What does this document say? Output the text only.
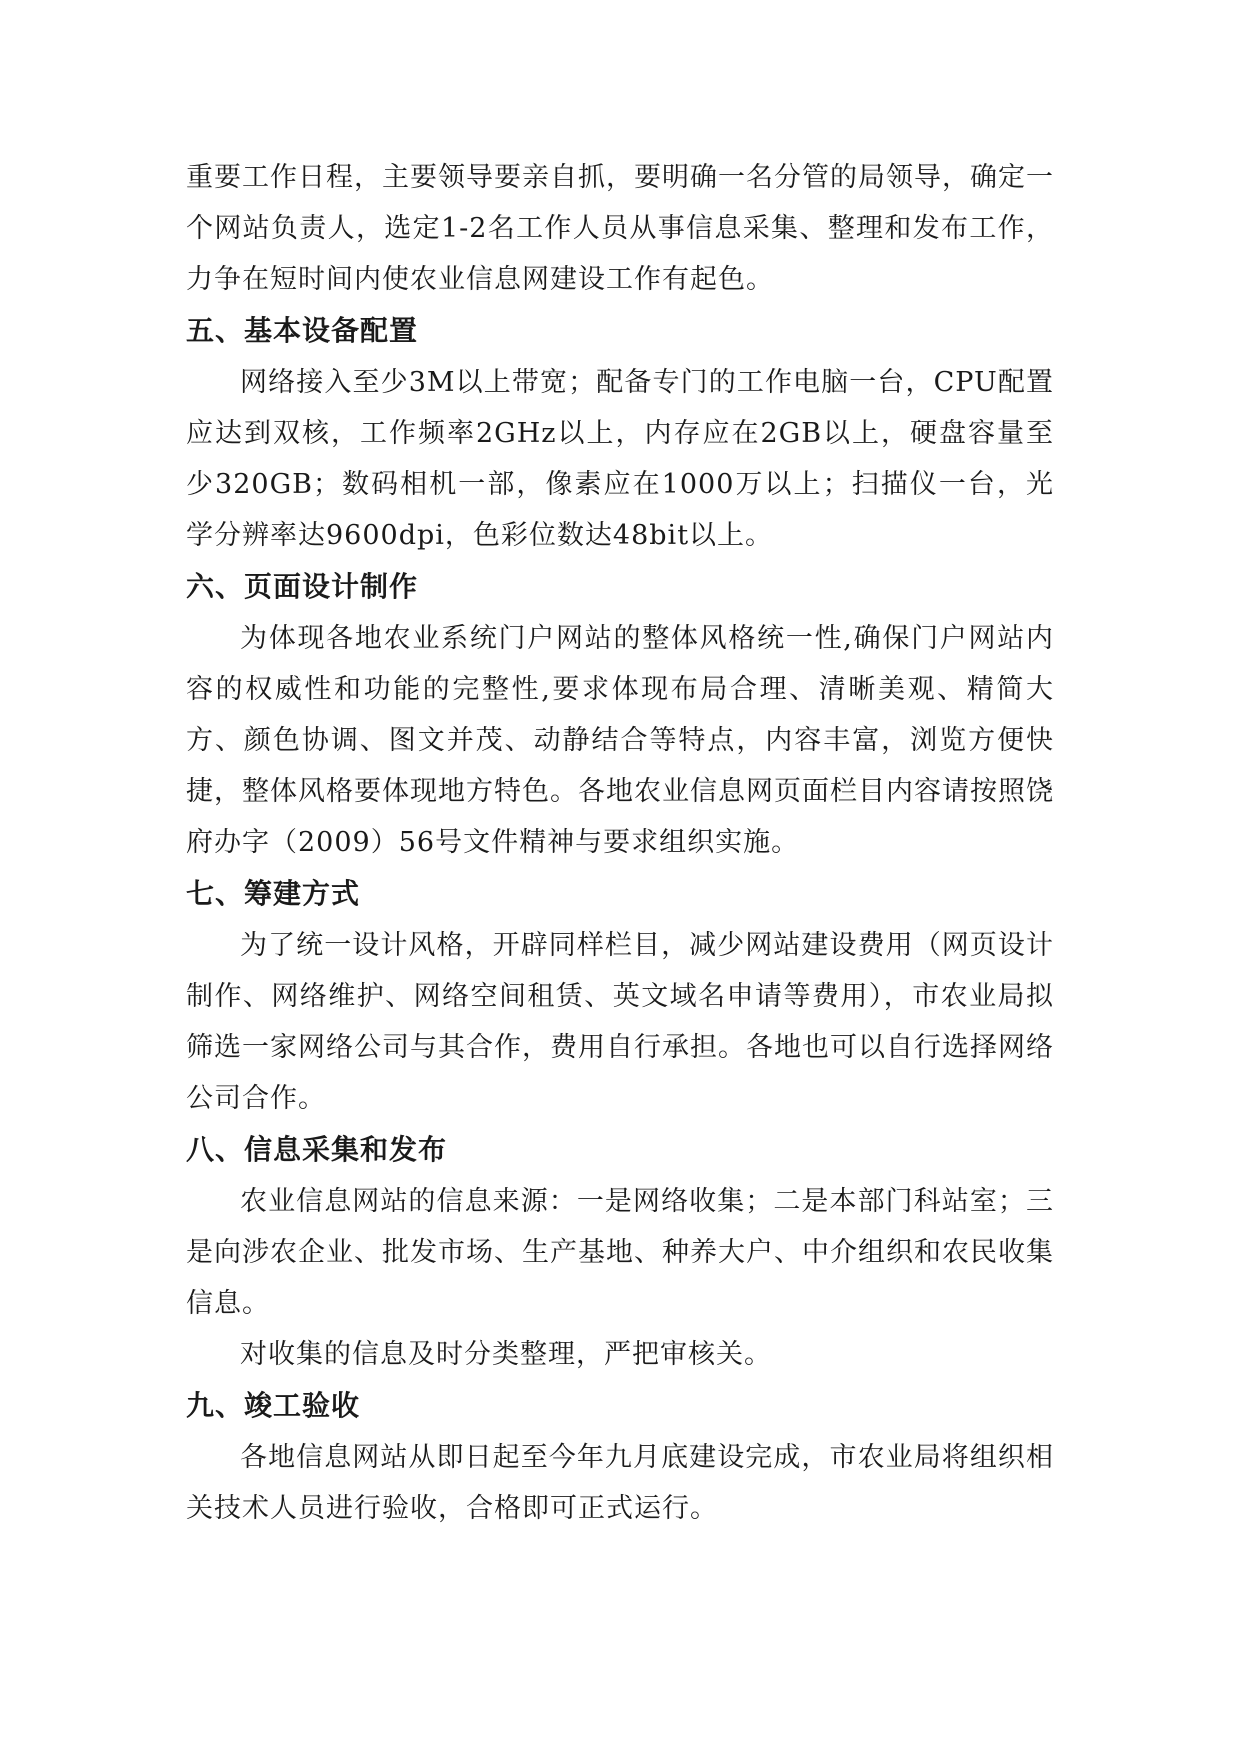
重要工作日程，主要领导要亲自抓，要明确一名分管的局领导，确定一个网站负责人，选定1-2名工作人员从事信息采集、整理和发布工作，力争在短时间内使农业信息网建设工作有起色。

五、基本设备配置

网络接入至少3M以上带宽；配备专门的工作电脑一台，CPU配置应达到双核，工作频率2GHz以上，内存应在2GB以上，硬盘容量至少320GB；数码相机一部，像素应在1000万以上；扫描仪一台，光学分辨率达9600dpi，色彩位数达48bit以上。

六、页面设计制作

为体现各地农业系统门户网站的整体风格统一性,确保门户网站内容的权威性和功能的完整性,要求体现布局合理、清晰美观、精简大方、颜色协调、图文并茂、动静结合等特点，内容丰富，浏览方便快捷，整体风格要体现地方特色。各地农业信息网页面栏目内容请按照饶府办字（2009）56号文件精神与要求组织实施。

七、筹建方式

为了统一设计风格，开辟同样栏目，减少网站建设费用（网页设计制作、网络维护、网络空间租赁、英文域名申请等费用），市农业局拟筛选一家网络公司与其合作，费用自行承担。各地也可以自行选择网络公司合作。

八、信息采集和发布

农业信息网站的信息来源：一是网络收集；二是本部门科站室；三是向涉农企业、批发市场、生产基地、种养大户、中介组织和农民收集信息。

对收集的信息及时分类整理，严把审核关。

九、竣工验收

各地信息网站从即日起至今年九月底建设完成，市农业局将组织相关技术人员进行验收，合格即可正式运行。
